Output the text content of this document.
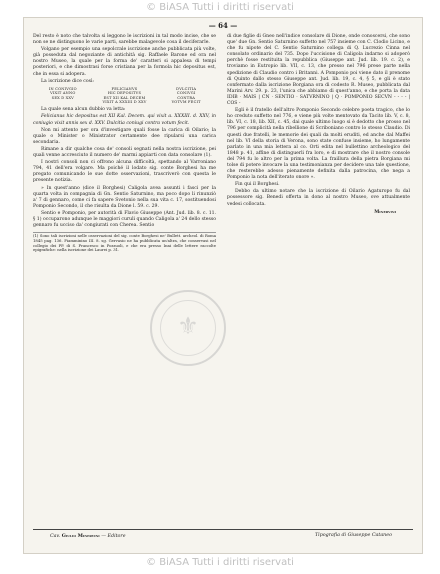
© BiASA Tutti i diritti riservati
— 64 —

Del resto è noto che talvolta si leggono le iscrizioni in tal modo incise, che se non se ne distinguono le varie parti, sarebbe malagevole cosa il deciferarle.

Volgano per esempio una sepolcrale iscrizione anche pubblicata più volte, già posseduta dal negoziante di antichità sig. Raffaele Barone ed ora nel nostro Museo, la quale per la forma de' caratteri si appalesa di tempi posteriori, e che dimostrasi forse cristiana per la formola hic depositus est, che in essa si adopera.

La iscrizione dice così:

IN CONIVGIO
VIXIT ANNO
SEX D XXV
FELICIANVS
HIC DEPOSITVS
EST XII KAL DECEM
VIXIT A XXXIII D XXV
DVLCITIA
CONIVGI
CONTRA
VOTVM FECIT

La quale sena alcun dubbio va letta:

Felicianus hic depositus est XII Kal. Decem. qui vixit a. XXXIII. d. XXV, in coniugio vixit annis sex d. XXV. Dulcitia coniugi contra votum fecit.

Non mi attento per ora d'investigare quali fosse la carica di Oilario; la quale o Minister o Ministrator certamente dee ripularsi una carica secondaria.

Rimane a dir qualche cosa de' consoli segnati nella nostra iscrizione, pei quali venne accresciuto il numero de' marmi appiarti con data consolare (1).

I nostri consoli non ci offrono alcuna difficoltà, spettando al Varroniano 794, 41 dell'era volgare. Ma poiché il lodato sig. conte Borghesi ha me pregato comunicando le sue dotte osservazioni, trascriverò con questa le presente notizia.

» In quest'anno (dice il Borghesi) Caligola avea assunti i fasci per la quarta volta in compagnia di Gn. Sentio Saturnino, ma poco dopo li rinunziò a' 7 di gennaro, come ci fa sapere Svetonio nella sua vita c. 17, sostituendosi Pomponio Secondo, il che risulta da Dione l. 59. c. 29.

Sentio e Pomponio, per autorità di Flavio Giuseppe (Ant. Jud. lib. 8. c. 11. § 1) occuparono adunque le maggiori curuli quando Caligola a' 24 dello stesso gennaro fu ucciso da' congiurati con Cherea. Sentio

(1) Sono tali iscrizioni nelle osservazioni del sig. conte Borghesi ne' Bullett. archeol. di Roma 1845 pag. 136. Fiamminino III. 8. sg. Gervasio ne ha pubblicata un'altra, che conservasi nel collegio dei PP. di S. Francesco in Pozzuoli, e che era presso Inni delle lettere raccolte epigrafiche: nella iscrizione dei Laurei p. 31.
⚜

di due figlie di Gneo nell'indice consolare di Dione, onde conoscersi, che sono que' due Gn. Sentio Saturnino suffetto nel 757 insieme con C. Clodio Licino, e che fu nipote del C. Sentio Saturnino collega di Q. Lucrezio Cinna nel consolato ordinario del 735. Dopo l'uccisione di Caligola indarno si adoperò perchè fosse restituita la repubblica (Giuseppe ant. Jud. lib. 19. c. 2), e troviamo in Eutropio lib. VII, c. 13, che presso nel 796 prese parte nella spedizione di Claudio contro i Britanni. A Pomponio poi viene dato il prenome di Quinto dallo stesso Giuseppe ant. Jud. lib. 19, c. 4, § 5, e gli è stato confermato dalla iscrizione Borgiana ora di codesto R. Museo, pubblicata dal Marini Arv. 29. p. 23, l'unica che abbiamo di quest'anno, e che porta la data IDIB · MAIS | CN · SENTIO · SATVRNINO | Q · POMPONIO SECVN - - - - | COS -

Egli è il fratello dell'altro Pomponio Secondo celebre poeta tragico, che lo ho creduto suffetto nel 776, e viene più volte mentovato da Tacito lib. V, c. 8, lib. VI, c. 18, lib. XII, c. 45, dai quale ultimo luogo si è dedotto che prosso nel 796 per complicità nella ribellione di Scriboniano contro lo stesso Claudio. Di questi due fratelli, le memorie dei quali da molti eruditi, ed anche dal Maffei nel lib. VI della storia di Verona, sono state confuse insieme, ho lungamente parlato in una mia lettera al co. Orti edita nel bullettino archeologico del 1848 p. 41, affine di distinguerli fra loro, e di mostrare che il nostro console del 794 fu lo altro per la prima volta. La fraillura della pietra Borgiana mi tolse di potere invocare la una testimonianza per decidere una tale questione, che resterebbe adesso pienamente definita dalla patrocina, che nega a Pomponio la nota dell'iterato onore ».

Fin qui il Borghesi.

Debbo da ultimo notare che la iscrizione di Oilario Agaturopo fu dal possessore sig. Benedi offerta in dono al nostro Museo, ove attualmente vedesi collocata.

Minervini
Cav. Giulio Minervini — Editore	Tipografia di Giuseppe Cataneo
© BiASA Tutti i diritti riservati
